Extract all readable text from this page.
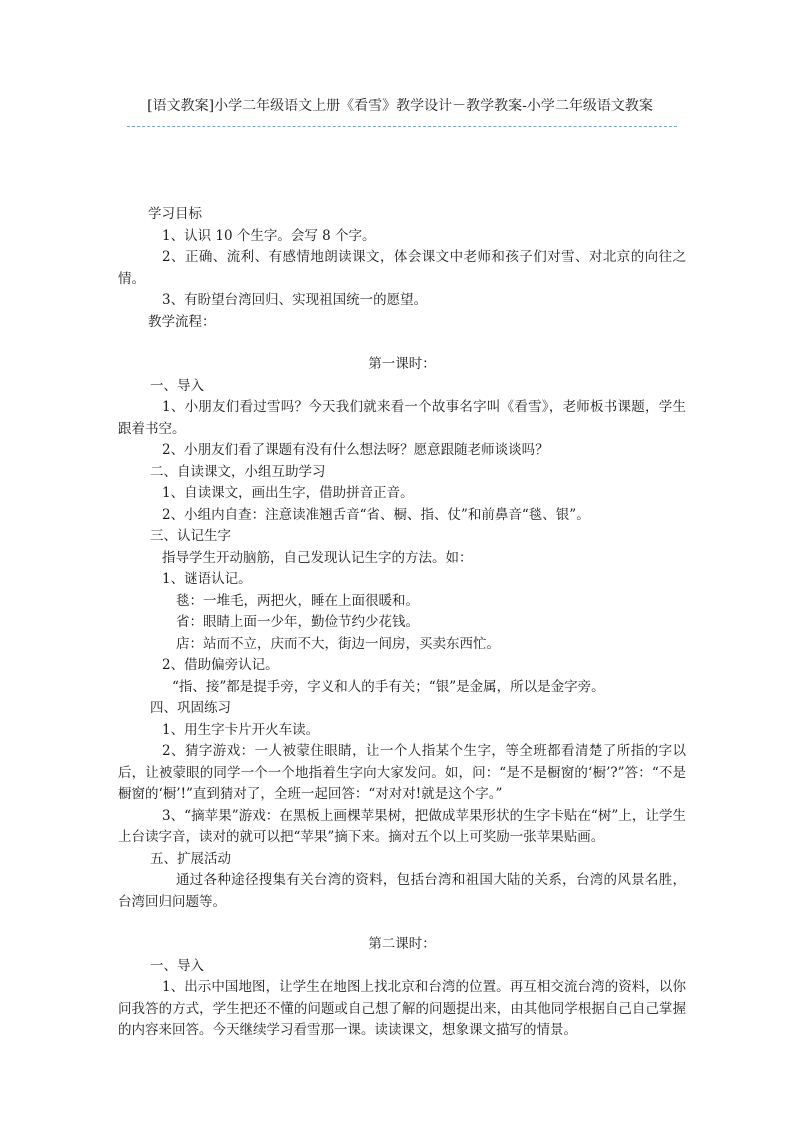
[语文教案]小学二年级语文上册《看雪》教学设计－教学教案-小学二年级语文教案
学习目标
1、认识 10 个生字。会写 8 个字。
2、正确、流利、有感情地朗读课文，体会课文中老师和孩子们对雪、对北京的向往之情。
3、有盼望台湾回归、实现祖国统一的愿望。
教学流程：
第一课时：
一、导入
1、小朋友们看过雪吗？今天我们就来看一个故事名字叫《看雪》，老师板书课题，学生跟着书空。
2、小朋友们看了课题有没有什么想法呀？愿意跟随老师谈谈吗？
二、自读课文，小组互助学习
1、自读课文，画出生字，借助拼音正音。
2、小组内自查：注意读准翘舌音“省、橱、指、仗”和前鼻音“毯、银”。
三、认记生字
指导学生开动脑筋，自己发现认记生字的方法。如：
1、谜语认记。
毯：一堆毛，两把火，睡在上面很暖和。
省：眼睛上面一少年，勤俭节约少花钱。
店：站而不立，庆而不大，街边一间房，买卖东西忙。
2、借助偏旁认记。
“指、接”都是提手旁，字义和人的手有关；“银”是金属，所以是金字旁。
四、巩固练习
1、用生字卡片开火车读。
2、猜字游戏：一人被蒙住眼睛，让一个人指某个生字，等全班都看清楚了所指的字以后，让被蒙眼的同学一个一个地指着生字向大家发问。如，问：“是不是橱窗的‘橱’?”答：“不是橱窗的‘橱’!”直到猜对了，全班一起回答：“对对对!就是这个字。”
3、“摘苹果”游戏：在黑板上画棵苹果树，把做成苹果形状的生字卡贴在“树”上，让学生上台读字音，读对的就可以把“苹果”摘下来。摘对五个以上可奖励一张苹果贴画。
五、扩展活动
通过各种途径搜集有关台湾的资料，包括台湾和祖国大陆的关系，台湾的风景名胜，台湾回归问题等。
第二课时：
一、导入
1、出示中国地图，让学生在地图上找北京和台湾的位置。再互相交流台湾的资料，以你问我答的方式，学生把还不懂的问题或自己想了解的问题提出来，由其他同学根据自己自己掌握的内容来回答。今天继续学习看雪那一课。读读课文，想象课文描写的情景。
